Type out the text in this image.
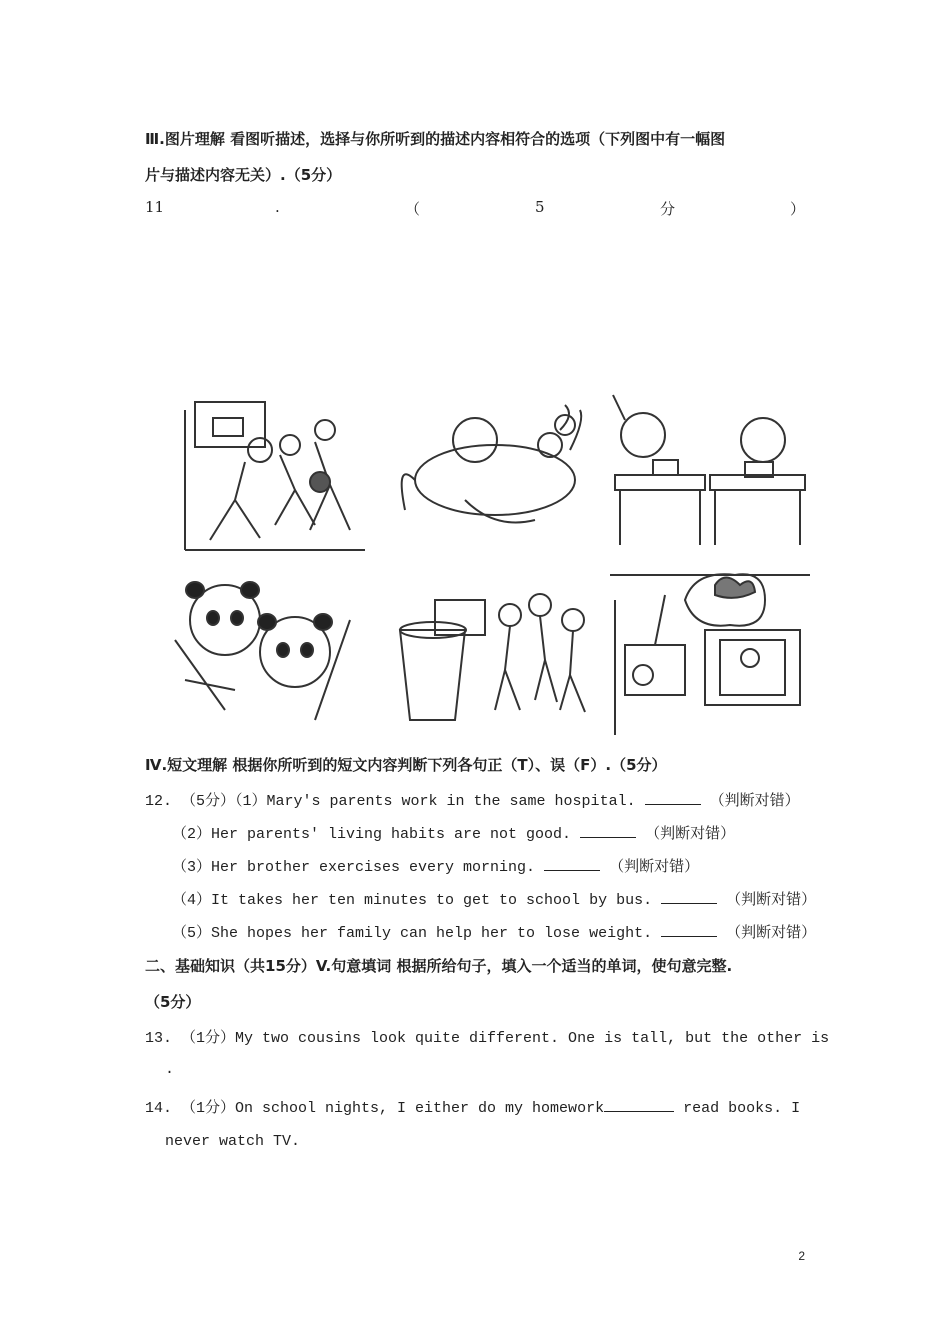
Ⅲ.图片理解 看图听描述，选择与你所听到的描述内容相符合的选项（下列图中有一幅图
片与描述内容无关）.（5分）
11	.	（	5	分	）
Ⅳ.短文理解 根据你所听到的短文内容判断下列各句正（T）、误（F）.（5分）
12. （5分）（1）Mary's parents work in the same hospital.	（判断对错）
（2）Her parents' living habits are not good.	（判断对错）
（3）Her brother exercises every morning.	（判断对错）
（4）It takes her ten minutes to get to school by bus.	（判断对错）
（5）She hopes her family can help her to lose weight.	（判断对错）
二、基础知识（共15分）V.句意填词 根据所给句子，填入一个适当的单词，使句意完整.
（5分）
13. （1分）My two cousins look quite different. One is tall, but the other is
.
14. （1分）On school nights, I either do my homework	read books. I
never watch TV.
2
